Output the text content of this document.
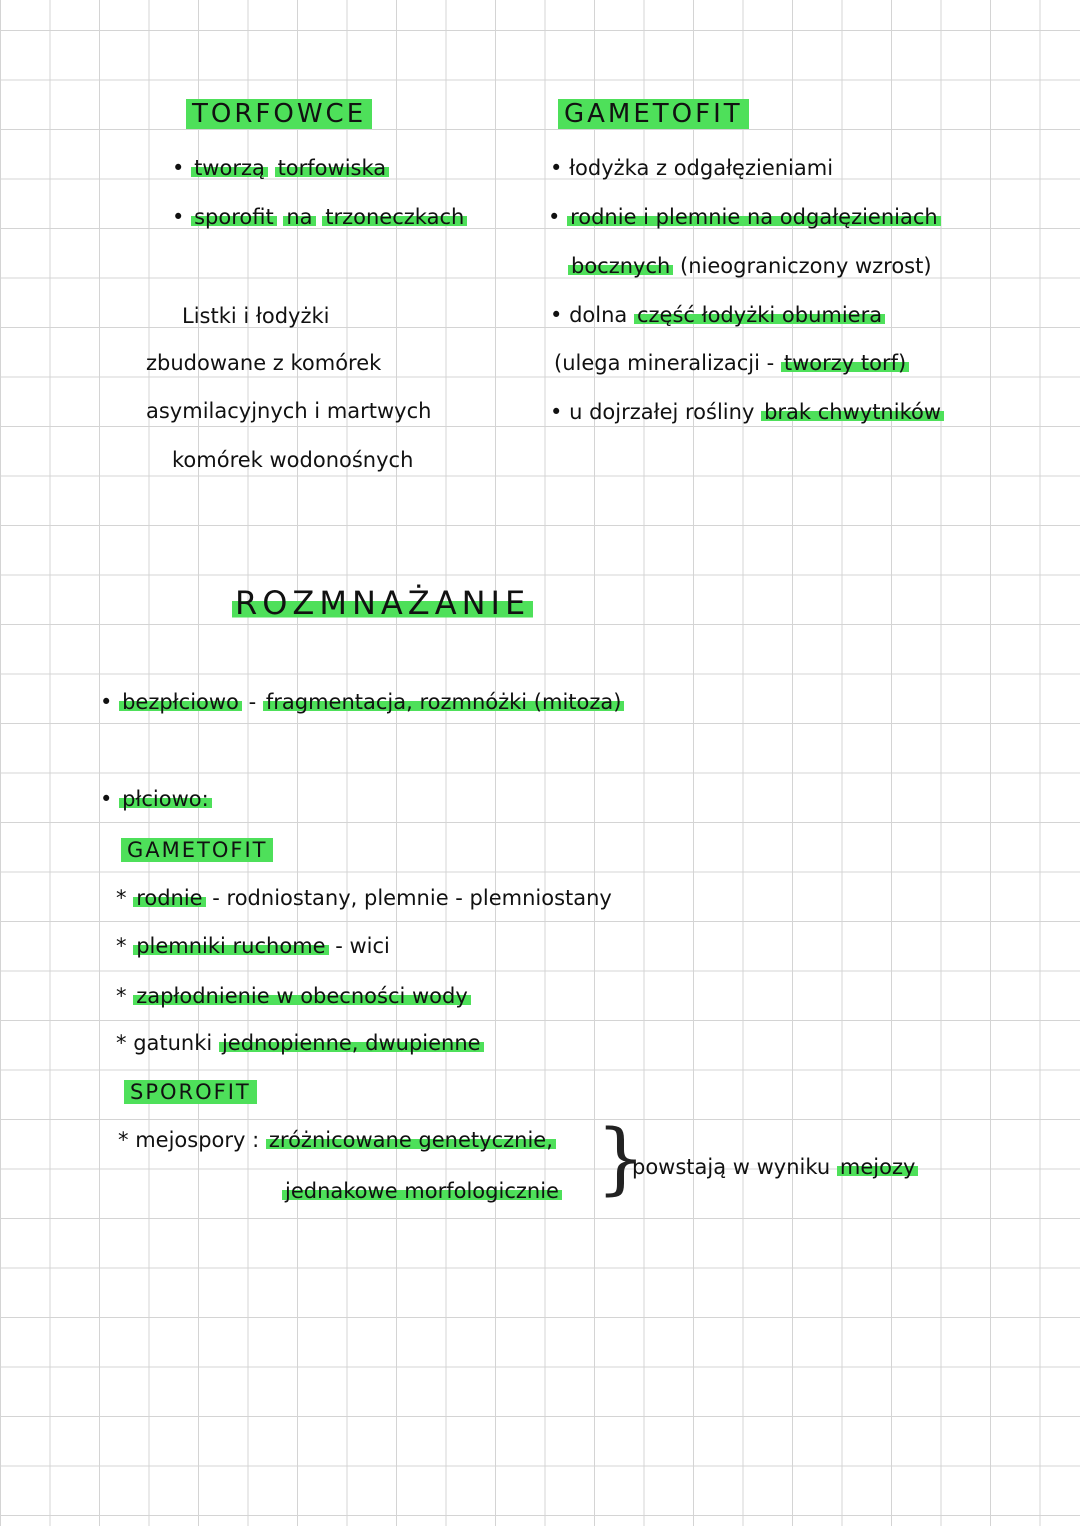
TORFOWCE
• tworzą torfowiska
• sporofit na trzoneczkach
Listki i łodyżki
zbudowane z komórek
asymilacyjnych i martwych
komórek wodonośnych
GAMETOFIT
• łodyżka z odgałęzieniami
• rodnie i plemnie na odgałęzieniach
bocznych (nieograniczony wzrost)
• dolna część łodyżki obumiera
(ulega mineralizacji - tworzy torf)
• u dojrzałej rośliny brak chwytników
ROZMNAŻANIE
• bezpłciowo - fragmentacja, rozmnóżki (mitoza)
• płciowo:
GAMETOFIT
* rodnie - rodniostany, plemnie - plemniostany
* plemniki ruchome - wici
* zapłodnienie w obecności wody
* gatunki jednopienne, dwupienne
SPOROFIT
* mejospory : zróżnicowane genetycznie,
jednakowe morfologicznie }
powstają w wyniku mejozy
